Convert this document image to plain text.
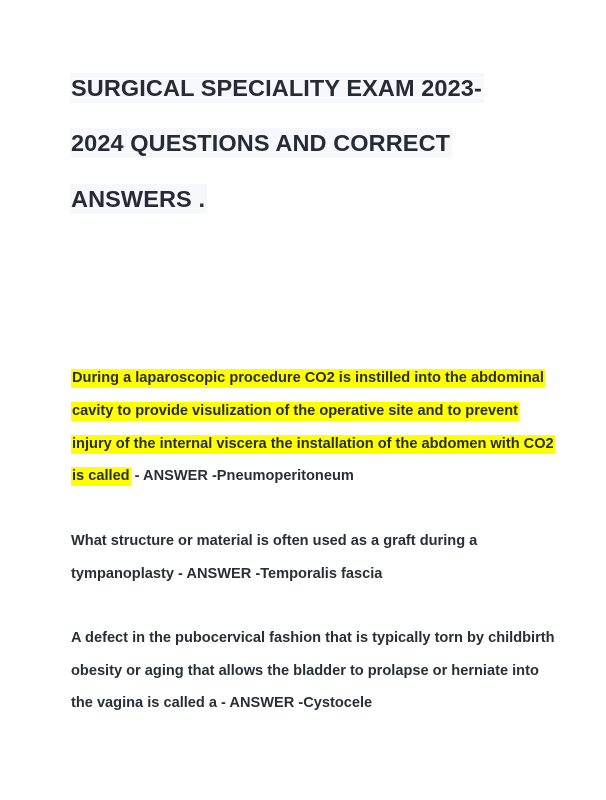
SURGICAL SPECIALITY EXAM 2023-
2024 QUESTIONS AND CORRECT
ANSWERS .
During a laparoscopic procedure CO2 is instilled into the abdominal
cavity to provide visulization of the operative site and to prevent
injury of the internal viscera the installation of the abdomen with CO2
is called - ANSWER -Pneumoperitoneum
What structure or material is often used as a graft during a
tympanoplasty - ANSWER -Temporalis fascia
A defect in the pubocervical fashion that is typically torn by childbirth
obesity or aging that allows the bladder to prolapse or herniate into
the vagina is called a - ANSWER -Cystocele
